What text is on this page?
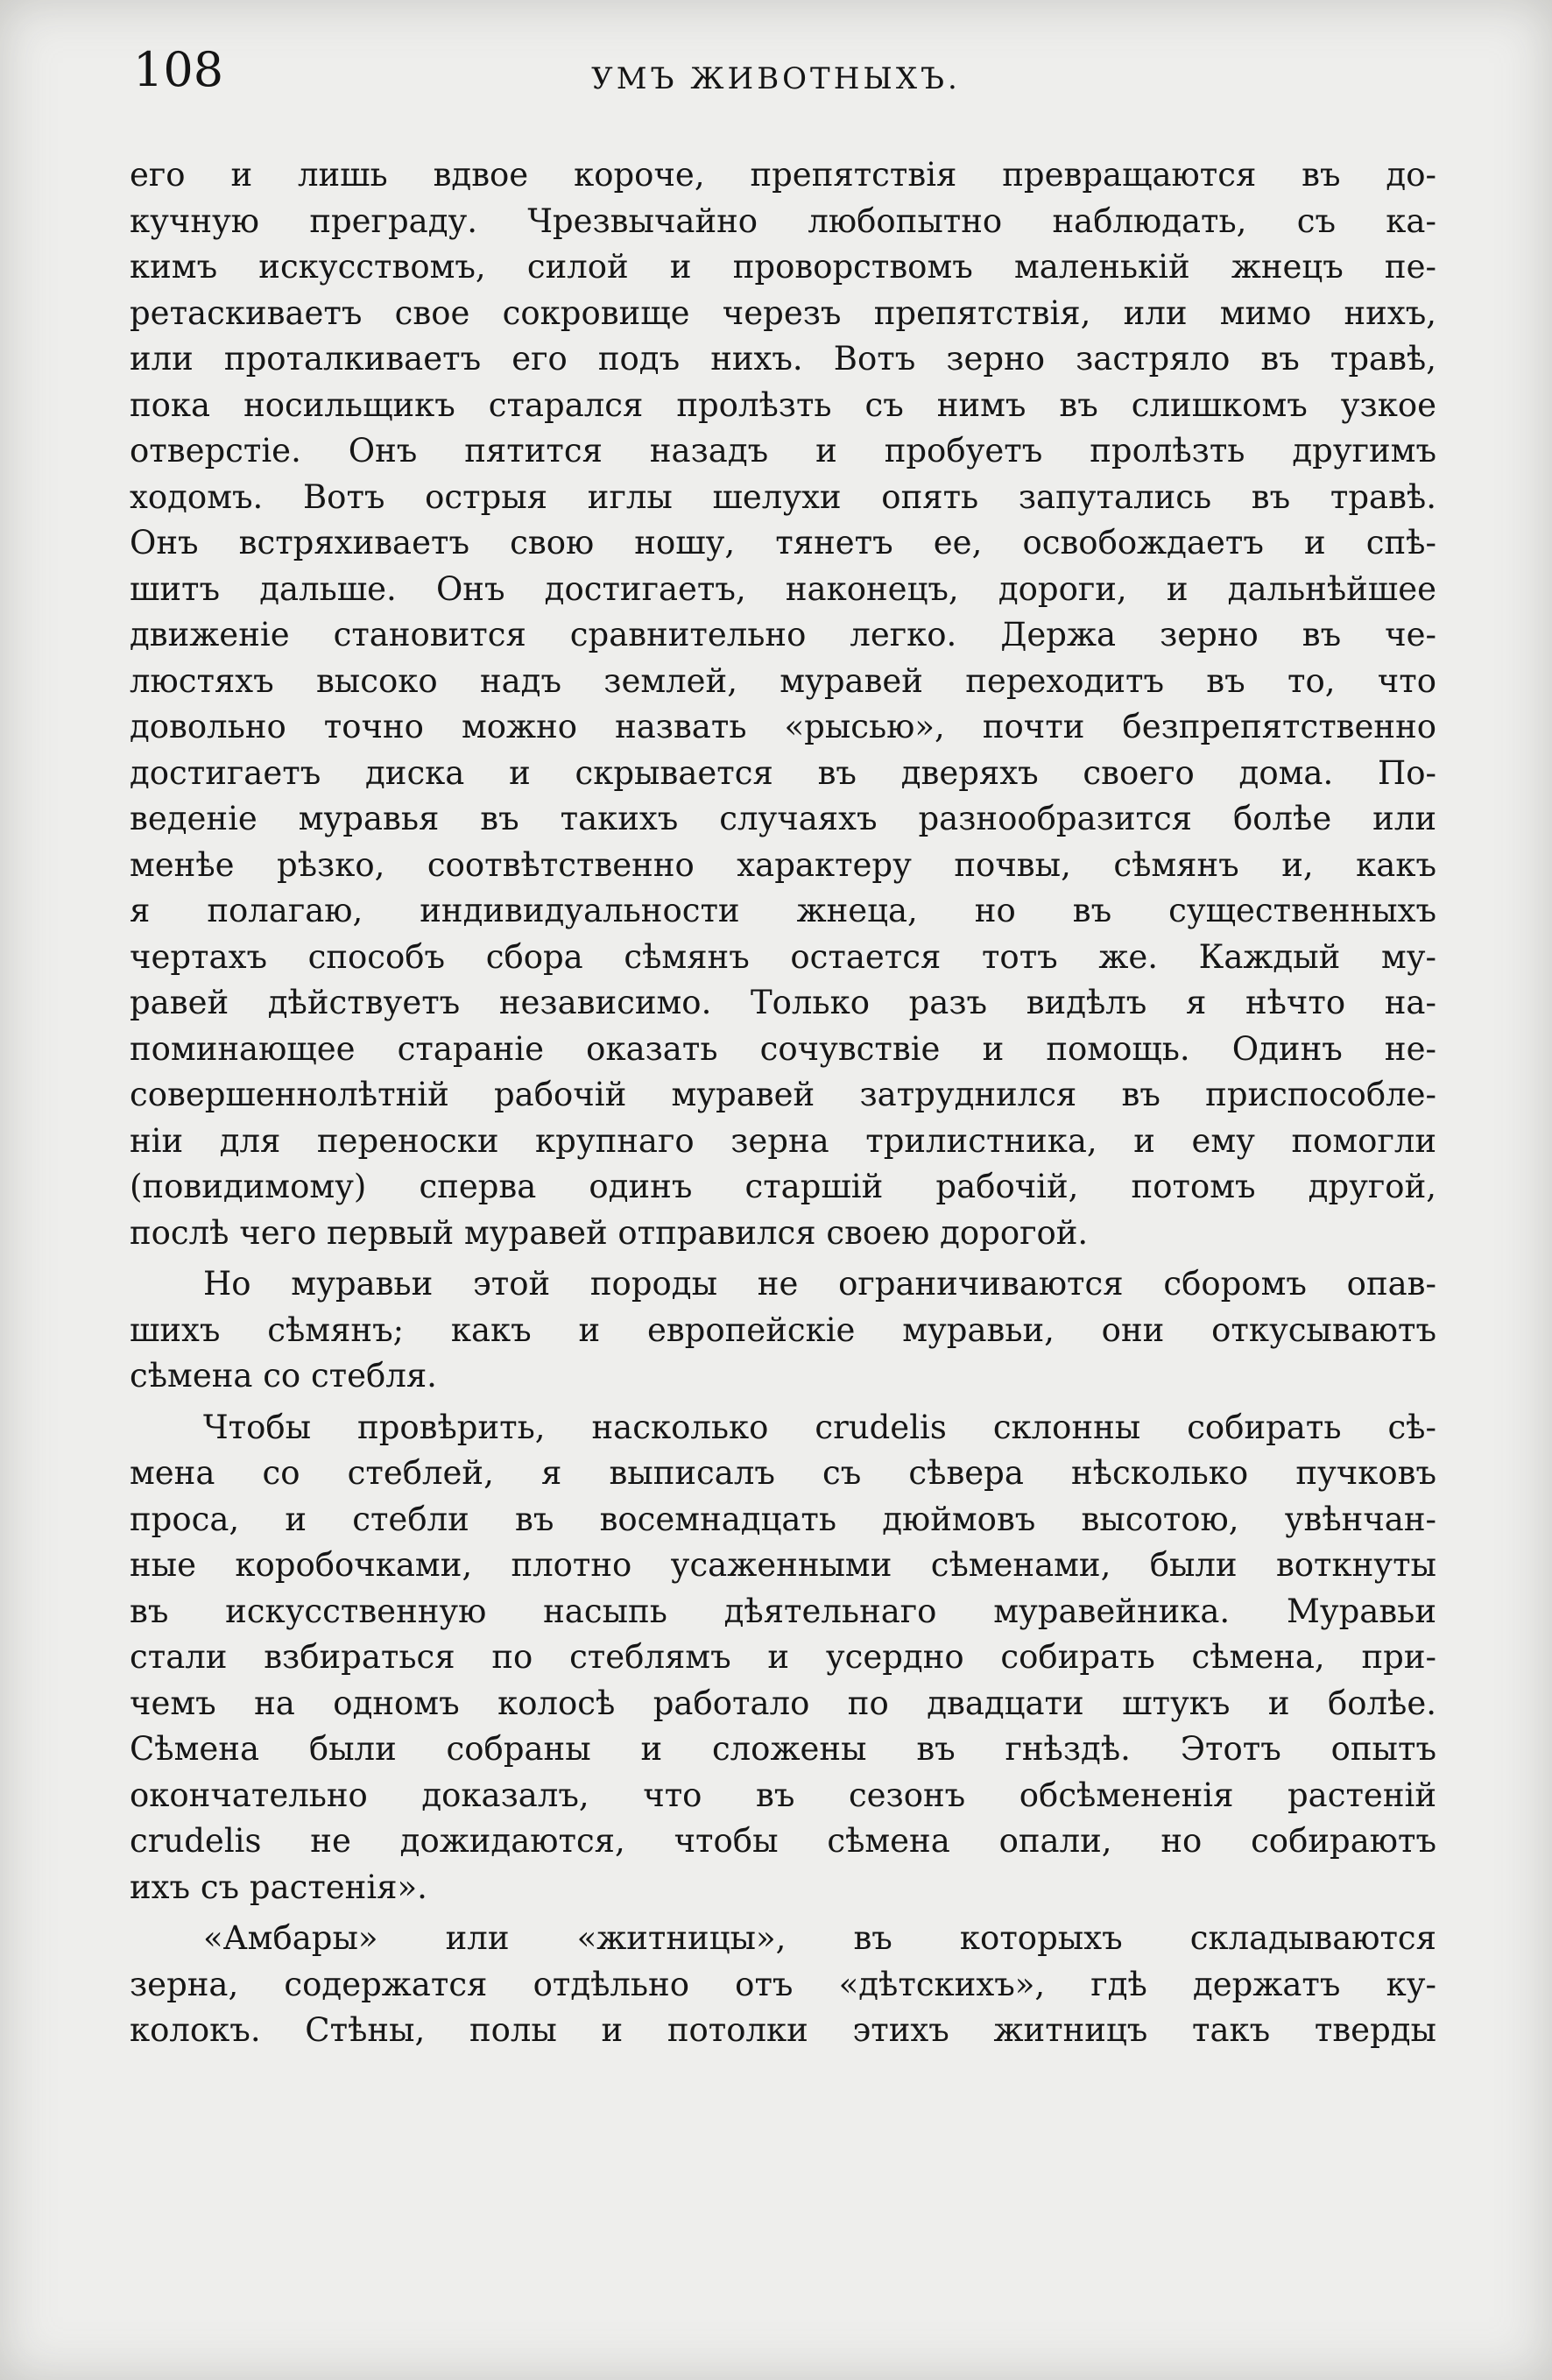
108	УМЪ ЖИВОТНЫХЪ.
его и лишь вдвое короче, препятствія превращаются въ до-
кучную преграду. Чрезвычайно любопытно наблюдать, съ ка-
кимъ искусствомъ, силой и проворствомъ маленькій жнецъ пе-
ретаскиваетъ свое сокровище черезъ препятствія, или мимо нихъ,
или проталкиваетъ его подъ нихъ. Вотъ зерно застряло въ травѣ,
пока носильщикъ старался пролѣзть съ нимъ въ слишкомъ узкое
отверстіе. Онъ пятится назадъ и пробуетъ пролѣзть другимъ
ходомъ. Вотъ острыя иглы шелухи опять запутались въ травѣ.
Онъ встряхиваетъ свою ношу, тянетъ ее, освобождаетъ и спѣ-
шитъ дальше. Онъ достигаетъ, наконецъ, дороги, и дальнѣйшее
движеніе становится сравнительно легко. Держа зерно въ че-
люстяхъ высоко надъ землей, муравей переходитъ въ то, что
довольно точно можно назвать «рысью», почти безпрепятственно
достигаетъ диска и скрывается въ дверяхъ своего дома. По-
веденіе муравья въ такихъ случаяхъ разнообразится болѣе или
менѣе рѣзко, соотвѣтственно характеру почвы, сѣмянъ и, какъ
я полагаю, индивидуальности жнеца, но въ существенныхъ
чертахъ способъ сбора сѣмянъ остается тотъ же. Каждый му-
равей дѣйствуетъ независимо. Только разъ видѣлъ я нѣчто на-
поминающее стараніе оказать сочувствіе и помощь. Одинъ не-
совершеннолѣтній рабочій муравей затруднился въ приспособле-
ніи для переноски крупнаго зерна трилистника, и ему помогли
(повидимому) сперва одинъ старшій рабочій, потомъ другой,
послѣ чего первый муравей отправился своею дорогой.
Но муравьи этой породы не ограничиваются сборомъ опав-
шихъ сѣмянъ; какъ и европейскіе муравьи, они откусываютъ
сѣмена со стебля.
Чтобы провѣрить, насколько crudelis склонны собирать сѣ-
мена со стеблей, я выписалъ съ сѣвера нѣсколько пучковъ
проса, и стебли въ восемнадцать дюймовъ высотою, увѣнчан-
ные коробочками, плотно усаженными сѣменами, были воткнуты
въ искусственную насыпь дѣятельнаго муравейника. Муравьи
стали взбираться по стеблямъ и усердно собирать сѣмена, при-
чемъ на одномъ колосѣ работало по двадцати штукъ и болѣе.
Сѣмена были собраны и сложены въ гнѣздѣ. Этотъ опытъ
окончательно доказалъ, что въ сезонъ обсѣмененія растеній
crudelis не дожидаются, чтобы сѣмена опали, но собираютъ
ихъ съ растенія».
«Амбары» или «житницы», въ которыхъ складываются
зерна, содержатся отдѣльно отъ «дѣтскихъ», гдѣ держатъ ку-
колокъ. Стѣны, полы и потолки этихъ житницъ такъ тверды
